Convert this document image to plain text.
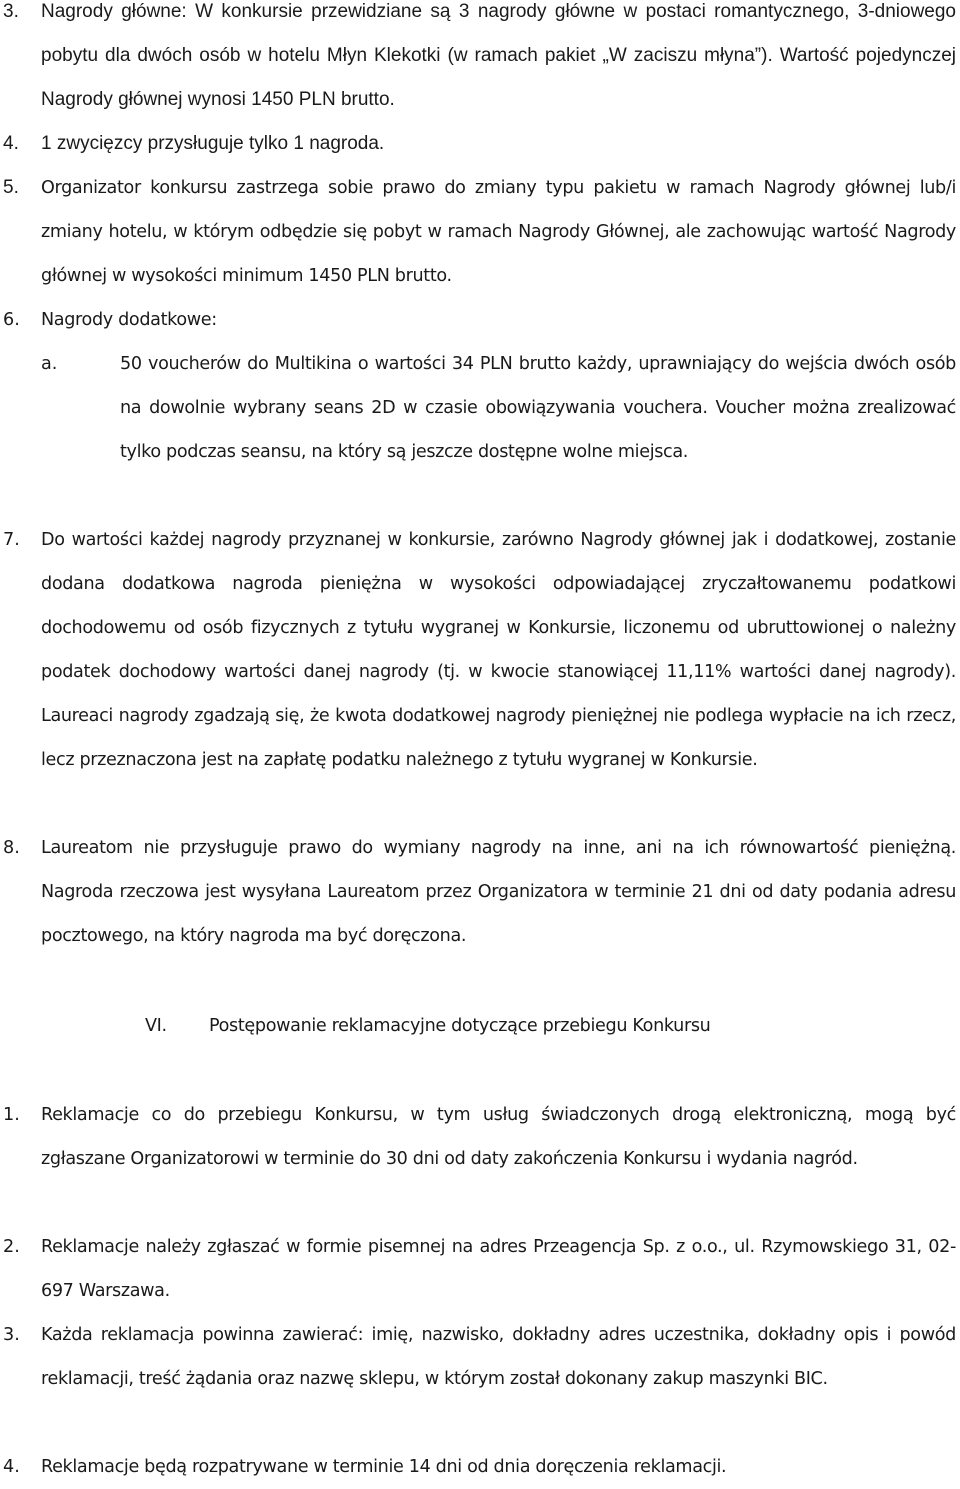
3. Nagrody główne: W konkursie przewidziane są 3 nagrody główne w postaci romantycznego, 3-dniowego pobytu dla dwóch osób w hotelu Młyn Klekotki (w ramach pakiet „W zaciszu młyna”). Wartość pojedynczej Nagrody głównej wynosi 1450 PLN brutto.
4. 1 zwycięzcy przysługuje tylko 1 nagroda.
5. Organizator konkursu zastrzega sobie prawo do zmiany typu pakietu w ramach Nagrody głównej lub/i zmiany hotelu, w którym odbędzie się pobyt w ramach Nagrody Głównej, ale zachowując wartość Nagrody głównej w wysokości minimum 1450 PLN brutto.
6. Nagrody dodatkowe:
a.	50 voucherów do Multikina o wartości 34 PLN brutto każdy, uprawniający do wejścia dwóch osób na dowolnie wybrany seans 2D w czasie obowiązywania vouchera. Voucher można zrealizować tylko podczas seansu, na który są jeszcze dostępne wolne miejsca.
7. Do wartości każdej nagrody przyznanej w konkursie, zarówno Nagrody głównej jak i dodatkowej, zostanie dodana dodatkowa nagroda pieniężna w wysokości odpowiadającej zryczałtowanemu podatkowi dochodowemu od osób fizycznych z tytułu wygranej w Konkursie, liczonemu od ubruttowionej o należny podatek dochodowy wartości danej nagrody (tj. w kwocie stanowiącej 11,11% wartości danej nagrody). Laureaci nagrody zgadzają się, że kwota dodatkowej nagrody pieniężnej nie podlega wypłacie na ich rzecz, lecz przeznaczona jest na zapłatę podatku należnego z tytułu wygranej w Konkursie.
8. Laureatom nie przysługuje prawo do wymiany nagrody na inne, ani na ich równowartość pieniężną. Nagroda rzeczowa jest wysyłana Laureatom przez Organizatora w terminie 21 dni od daty podania adresu pocztowego, na który nagroda ma być doręczona.
VI. Postępowanie reklamacyjne dotyczące przebiegu Konkursu
1. Reklamacje co do przebiegu Konkursu, w tym usług świadczonych drogą elektroniczną, mogą być zgłaszane Organizatorowi w terminie do 30 dni od daty zakończenia Konkursu i wydania nagród.
2. Reklamacje należy zgłaszać w formie pisemnej na adres Przeagencja Sp. z o.o., ul. Rzymowskiego 31, 02-697 Warszawa.
3. Każda reklamacja powinna zawierać: imię, nazwisko, dokładny adres uczestnika, dokładny opis i powód reklamacji, treść żądania oraz nazwę sklepu, w którym został dokonany zakup maszynki BIC.
4. Reklamacje będą rozpatrywane w terminie 14 dni od dnia doręczenia reklamacji.
